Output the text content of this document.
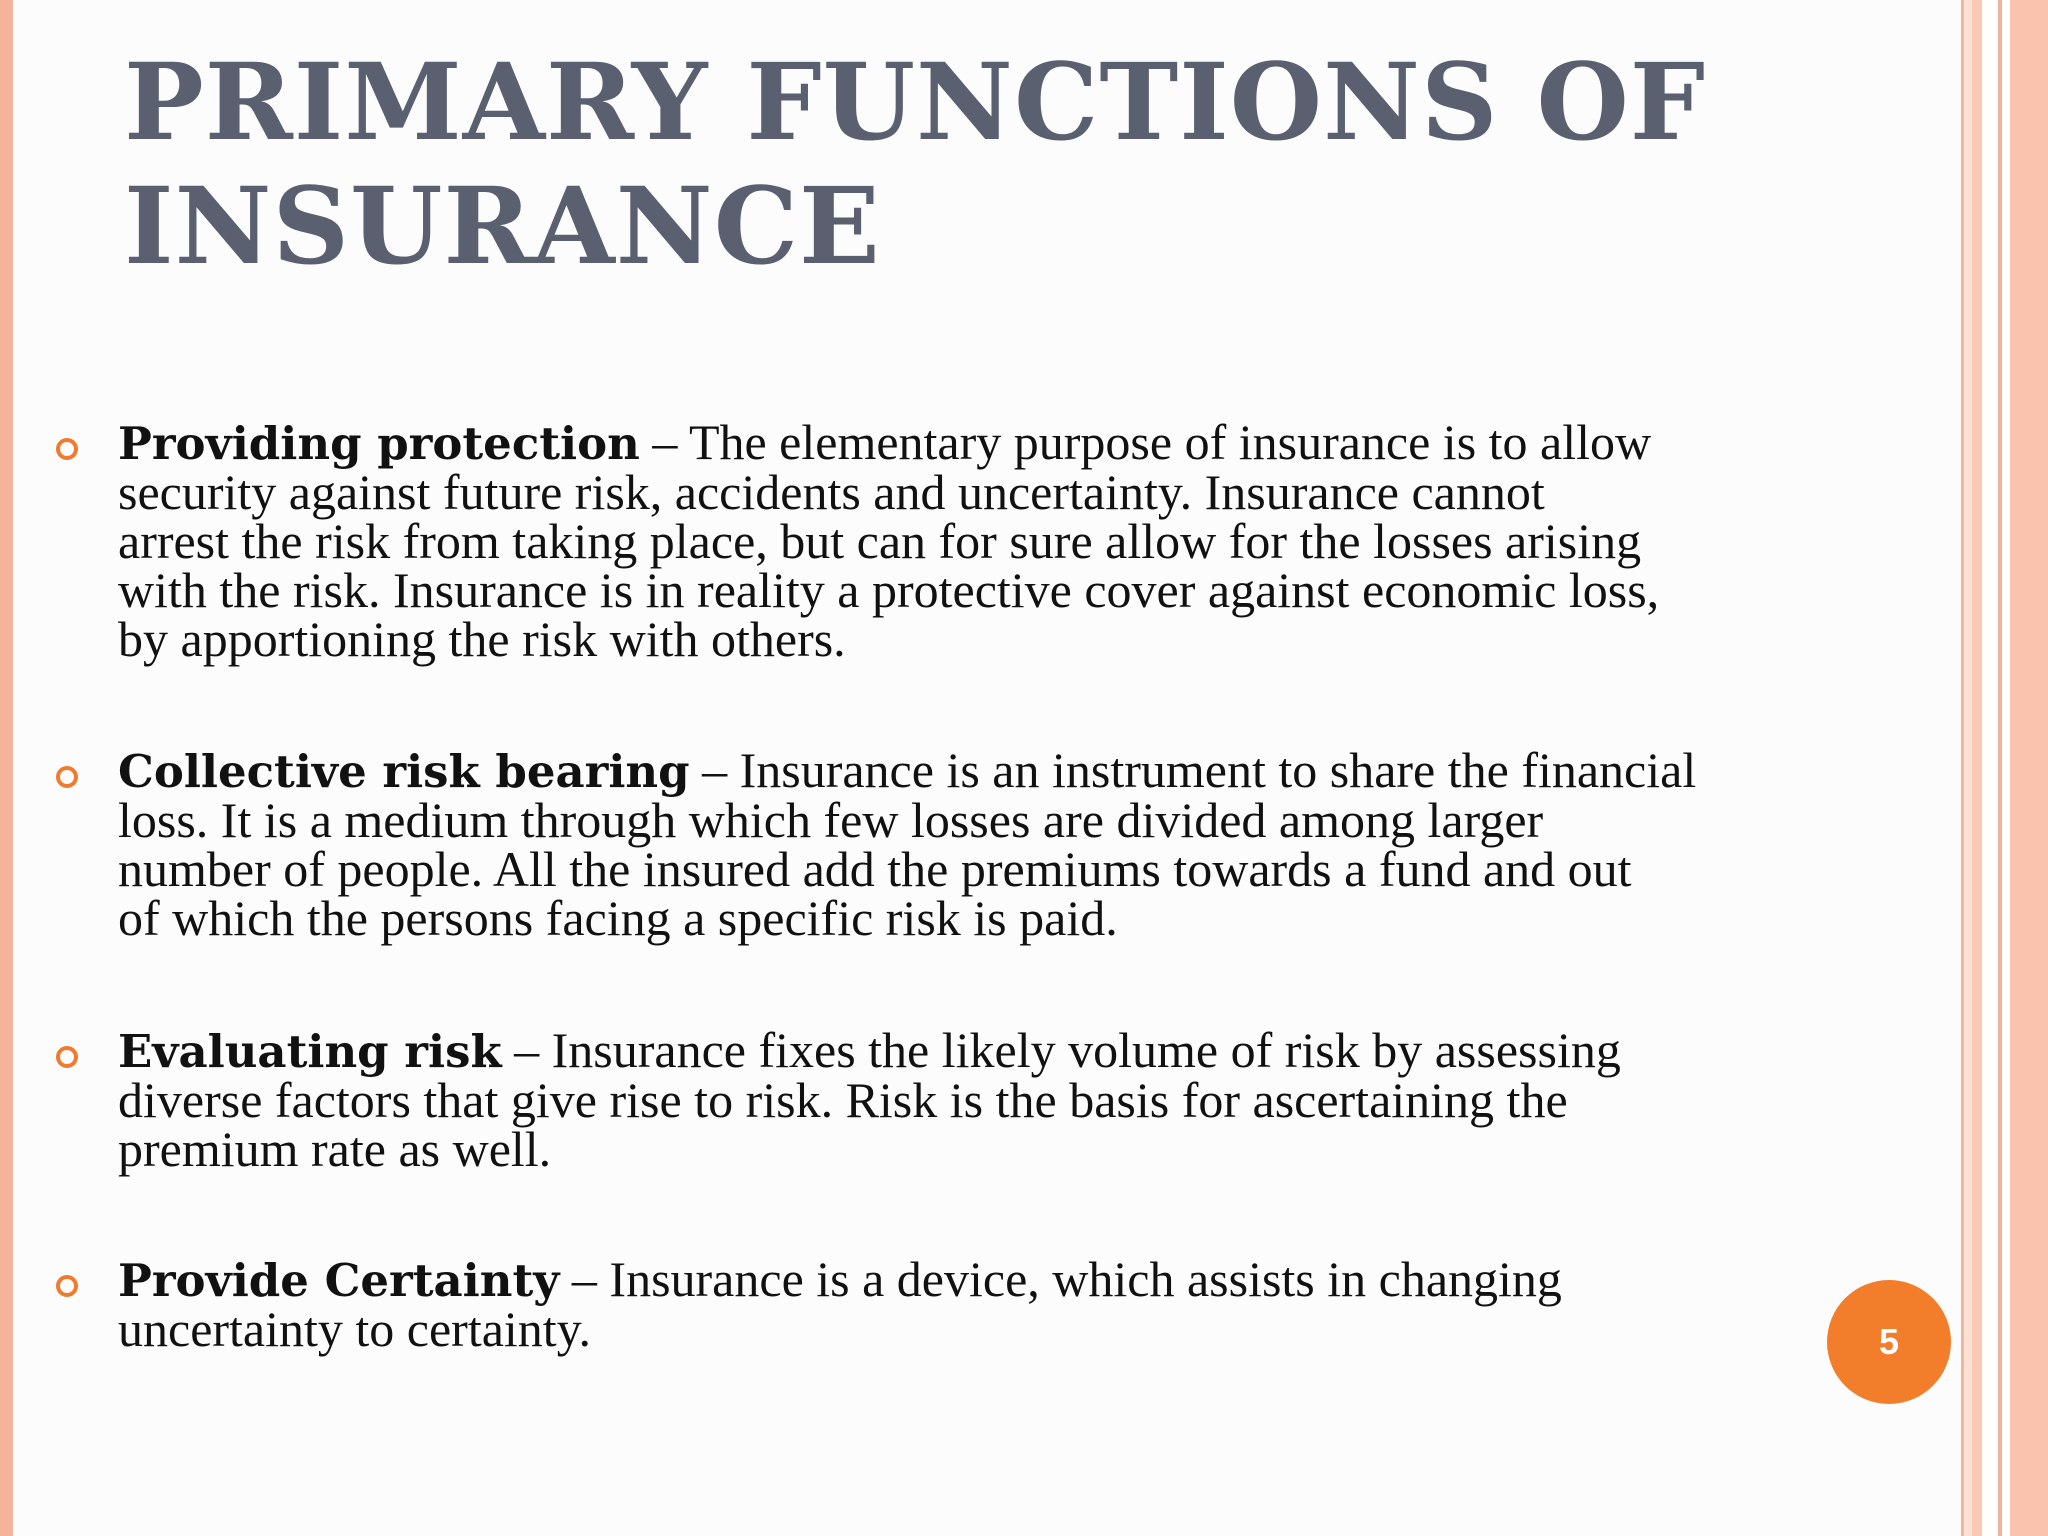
PRIMARY FUNCTIONS OF
INSURANCE

Providing protection – The elementary purpose of insurance is to allow
security against future risk, accidents and uncertainty. Insurance cannot
arrest the risk from taking place, but can for sure allow for the losses arising
with the risk. Insurance is in reality a protective cover against economic loss,
by apportioning the risk with others.

Collective risk bearing – Insurance is an instrument to share the financial
loss. It is a medium through which few losses are divided among larger
number of people. All the insured add the premiums towards a fund and out
of which the persons facing a specific risk is paid.

Evaluating risk – Insurance fixes the likely volume of risk by assessing
diverse factors that give rise to risk. Risk is the basis for ascertaining the
premium rate as well.

Provide Certainty – Insurance is a device, which assists in changing
uncertainty to certainty.	5
